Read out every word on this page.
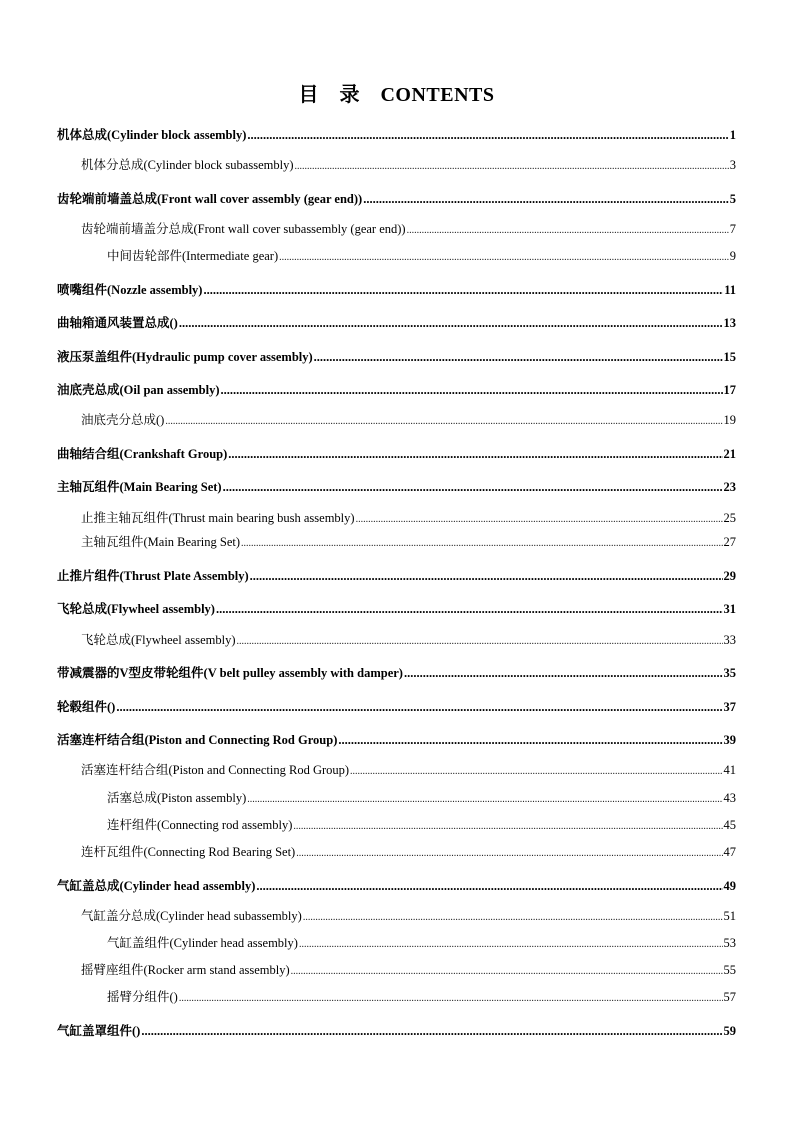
目　录　CONTENTS
机体总成(Cylinder block assembly) .....	1
机体分总成(Cylinder block subassembly) .....	3
齿轮端前墙盖总成(Front wall cover assembly (gear end)) .....	5
齿轮端前墙盖分总成(Front wall cover subassembly (gear end)) .....	7
中间齿轮部件(Intermediate gear) .....	9
喷嘴组件(Nozzle assembly) .....	11
曲轴箱通风装置总成() .....	13
液压泵盖组件(Hydraulic pump cover assembly) .....	15
油底壳总成(Oil pan assembly) .....	17
油底壳分总成() .....	19
曲轴结合组(Crankshaft Group) .....	21
主轴瓦组件(Main Bearing Set) .....	23
止推主轴瓦组件(Thrust main bearing bush assembly) .....	25
主轴瓦组件(Main Bearing Set) .....	27
止推片组件(Thrust Plate Assembly) .....	29
飞轮总成(Flywheel assembly) .....	31
飞轮总成(Flywheel assembly) .....	33
带减震器的V型皮带轮组件(V belt pulley assembly with damper) .....	35
轮毂组件() .....	37
活塞连杆结合组(Piston and Connecting Rod Group) .....	39
活塞连杆结合组(Piston and Connecting Rod Group) .....	41
活塞总成(Piston assembly) .....	43
连杆组件(Connecting rod assembly) .....	45
连杆瓦组件(Connecting Rod Bearing Set) .....	47
气缸盖总成(Cylinder head assembly) .....	49
气缸盖分总成(Cylinder head subassembly) .....	51
气缸盖组件(Cylinder head assembly) .....	53
摇臂座组件(Rocker arm stand assembly) .....	55
摇臂分组件() .....	57
气缸盖罩组件() .....	59
